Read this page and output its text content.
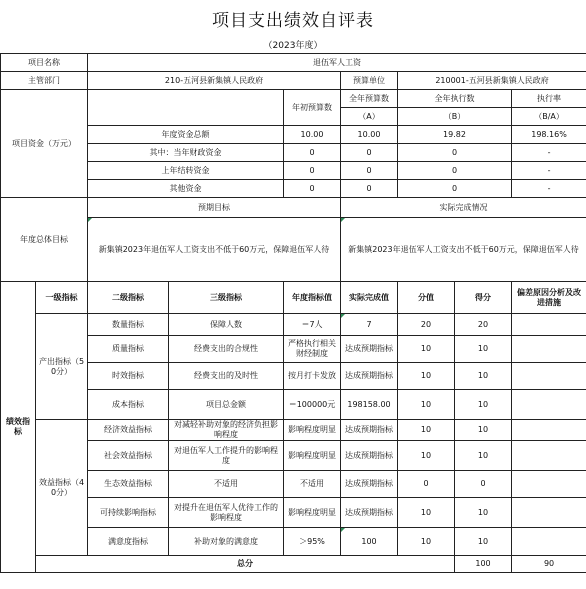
项目支出绩效自评表
（2023年度）
项目名称		退伍军人工资							
主管部门		210-五河县新集镇人民政府			预算单位	210001-五河县新集镇人民政府			
项目资金（万元）				年初预算数	全年预算数	全年执行数		执行率	
					（A）	（B）		（B/A）	
		年度资金总额		10.00	10.00	19.82		198.16%	
		其中：当年财政资金		0	0	0		-	
		上年结转资金		0	0	0		-	
		其他资金		0	0	0		-	
年度总体目标		预期目标			实际完成情况				
		新集镇2023年退伍军人工资支出不低于60万元，保障退伍军人待			新集镇2023年退伍军人工资支出不低于60万元，保障退伍军人待				
绩效指标	一级指标	二级指标	三级指标	年度指标值	实际完成值	分值	得分	偏差原因分析及改进措施	
	产出指标（50分）	数量指标	保障人数	＝7人	7	20	20		
		质量指标	经费支出的合规性	严格执行相关财经制度	达成预期指标	10	10		
		时效指标	经费支出的及时性	按月打卡发放	达成预期指标	10	10		
		成本指标	项目总金额	＝100000元	198158.00	10	10		
	效益指标（40分）	经济效益指标	对减轻补助对象的经济负担影响程度	影响程度明显	达成预期指标	10	10		
		社会效益指标	对退伍军人工作提升的影响程度	影响程度明显	达成预期指标	10	10		
		生态效益指标	不适用	不适用	达成预期指标	0	0		
		可持续影响指标	对提升在退伍军人优待工作的影响程度	影响程度明显	达成预期指标	10	10		
		满意度指标	补助对象的满意度	＞95%	100	10	10		
	总分						100	90	
